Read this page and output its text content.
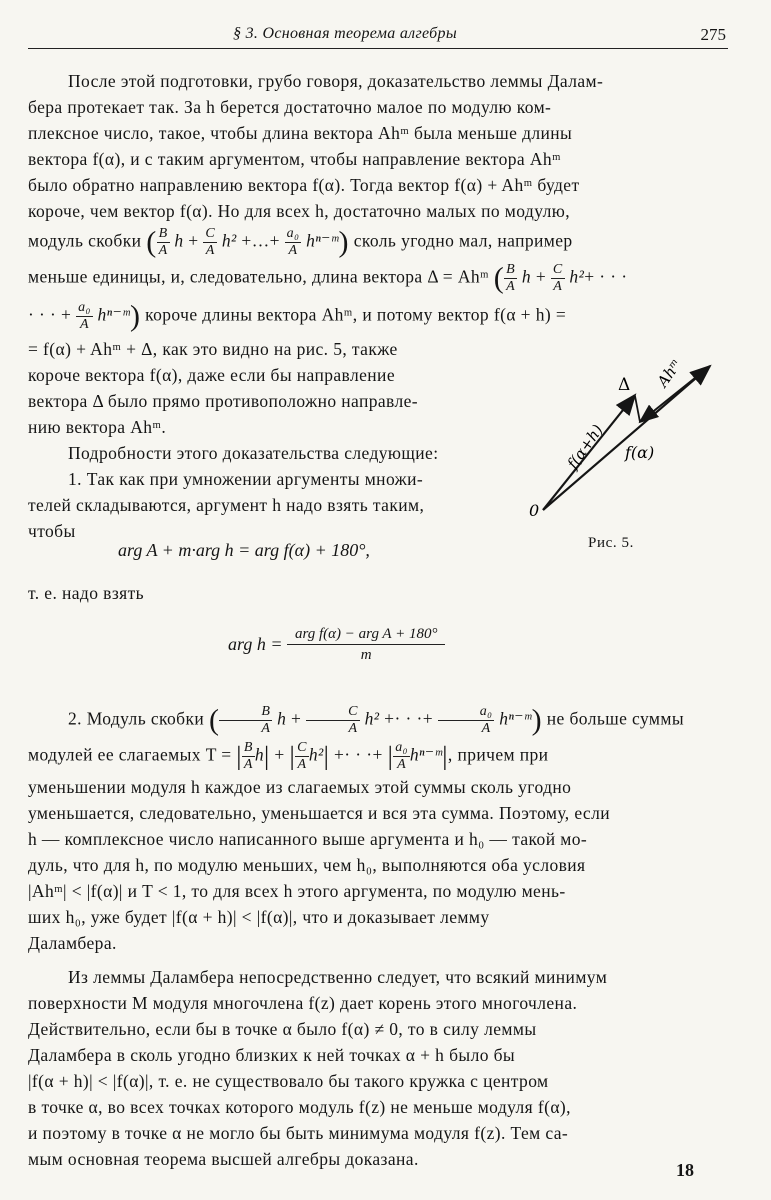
§ 3. Основная теорема алгебры	275
После этой подготовки, грубо говоря, доказательство леммы Далам-
бера протекает так. За h берется достаточно малое по модулю ком-
плексное число, такое, чтобы длина вектора Ahᵐ была меньше длины
вектора f(α), и с таким аргументом, чтобы направление вектора Ahᵐ
было обратно направлению вектора f(α). Тогда вектор f(α) + Ahᵐ будет
короче, чем вектор f(α). Но для всех h, достаточно малых по модулю,
модуль скобки ( $\frac{B}{A}$ $h + \frac{C}{A} h^2$ +…+ $\frac{\text{a₀}}{A}$ hⁿ⁻ᵐ) сколь угодно мал, например
меньше единицы, и, следовательно, длина вектора Δ = Ahᵐ ( $\frac{B}{A}$ $h + \frac{C}{A} h^2+$ · · ·
· · · + $\frac{\text{a₀}}{A}$ hⁿ⁻ᵐ) короче длины вектора Ahᵐ, и потому вектор f(α + h) =
= f(α) + Ahᵐ + Δ, как это видно на рис. 5, также
короче вектора f(α), даже если бы направление
вектора Δ было прямо противоположно направле-
нию вектора Ahᵐ.
Подробности этого доказательства следующие:
1. Так как при умножении аргументы множи-
телей складываются, аргумент h надо взять таким,
чтобы
0
Δ Ahᵐ
f(α+h) f(α)
Рис. 5.
arg A + m·arg h = arg f(α) + 180°,
т. е. надо взять
arg $h = \frac{\text{arg f(α) − arg A + 180°}}{m}$
2. Модуль скобки ( $\frac{B}{A}$ $h + \frac{C}{A} h^2$ +· · ·+ $\frac{\text{a₀}}{A}$ hⁿ⁻ᵐ) не больше суммы
модулей ее слагаемых T = | $\frac{B}{A} h|$ + | $\frac{C}{A} h^2|$ +· · ·+ | $\frac{\text{a₀}}{A}$ hⁿ⁻ᵐ|, причем при
уменьшении модуля h каждое из слагаемых этой суммы сколь угодно
уменьшается, следовательно, уменьшается и вся эта сумма. Поэтому, если
h — комплексное число написанного выше аргумента и h₀ — такой мо-
дуль, что для h, по модулю меньших, чем h₀, выполняются оба условия
|Ahᵐ| < |f(α)| и T < 1, то для всех h этого аргумента, по модулю мень-
ших h₀, уже будет |f(α + h)| < |f(α)|, что и доказывает лемму
Даламбера.
Из леммы Даламбера непосредственно следует, что всякий минимум
поверхности M модуля многочлена f(z) дает корень этого многочлена.
Действительно, если бы в точке α было f(α) ≠ 0, то в силу леммы
Даламбера в сколь угодно близких к ней точках α + h было бы
|f(α + h)| < |f(α)|, т. е. не существовало бы такого кружка с центром
в точке α, во всех точках которого модуль f(z) не меньше модуля f(α),
и поэтому в точке α не могло бы быть минимума модуля f(z). Тем са-
мым основная теорема высшей алгебры доказана.
18
